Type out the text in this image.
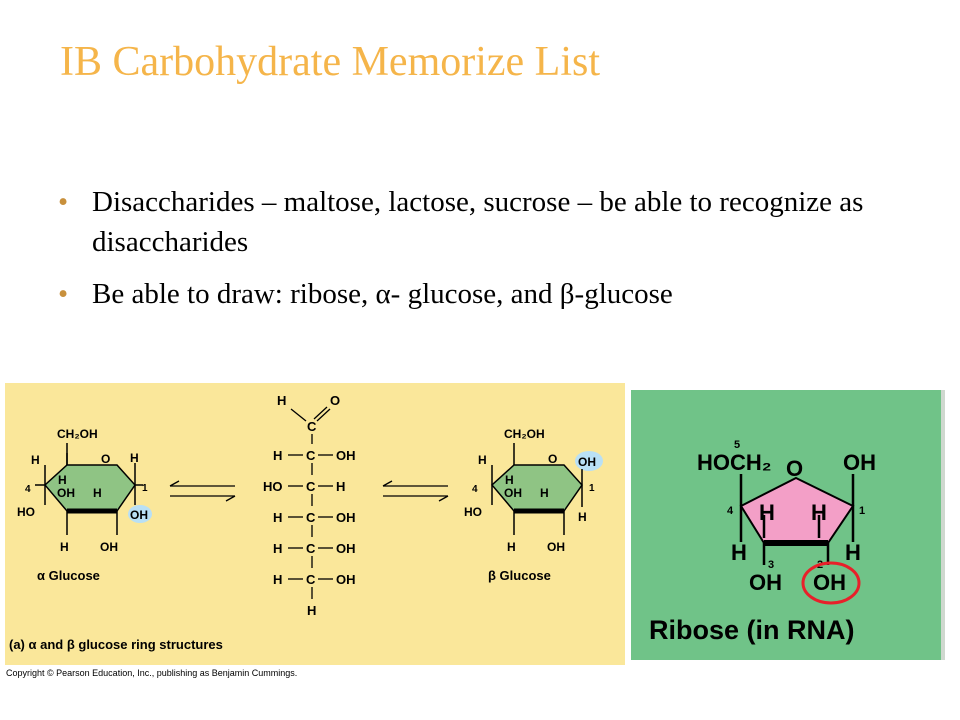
IB Carbohydrate Memorize List
• Disaccharides – maltose, lactose, sucrose – be able to recognize as disaccharides
• Be able to draw: ribose, α- glucose, and β-glucose
CH₂OH
O
H
4
HO
H
OH H
H
1
OH
H	OH
α Glucose
H	O
C
H C OH
HO C H
H C OH
H C OH
H C OH
H
CH₂OH
O OH
H
4
HO
H
OH H	1
H
H	OH
β Glucose
(a) α and β glucose ring structures
Copyright © Pearson Education, Inc., publishing as Benjamin Cummings.
5
HOCH₂ O OH
4 H H	1
H	H
3	2
OH OH
Ribose (in RNA)
